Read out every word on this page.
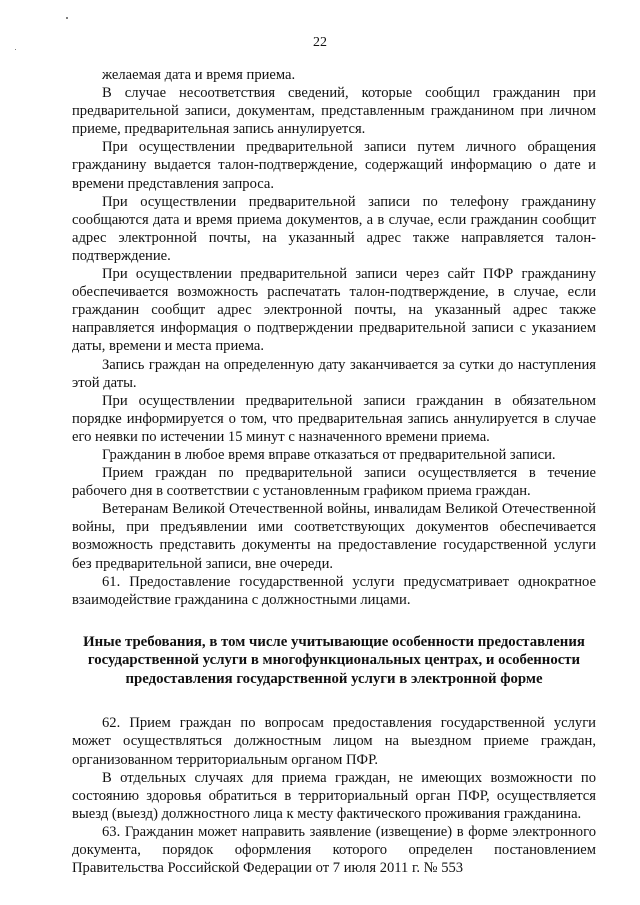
22

желаемая дата и время приема.

В случае несоответствия сведений, которые сообщил гражданин при предварительной записи, документам, представленным гражданином при личном приеме, предварительная запись аннулируется.

При осуществлении предварительной записи путем личного обращения гражданину выдается талон-подтверждение, содержащий информацию о дате и времени представления запроса.

При осуществлении предварительной записи по телефону гражданину сообщаются дата и время приема документов, а в случае, если гражданин сообщит адрес электронной почты, на указанный адрес также направляется талон-подтверждение.

При осуществлении предварительной записи через сайт ПФР гражданину обеспечивается возможность распечатать талон-подтверждение, в случае, если гражданин сообщит адрес электронной почты, на указанный адрес также направляется информация о подтверждении предварительной записи с указанием даты, времени и места приема.

Запись граждан на определенную дату заканчивается за сутки до наступления этой даты.

При осуществлении предварительной записи гражданин в обязательном порядке информируется о том, что предварительная запись аннулируется в случае его неявки по истечении 15 минут с назначенного времени приема.

Гражданин в любое время вправе отказаться от предварительной записи.

Прием граждан по предварительной записи осуществляется в течение рабочего дня в соответствии с установленным графиком приема граждан.

Ветеранам Великой Отечественной войны, инвалидам Великой Отечественной войны, при предъявлении ими соответствующих документов обеспечивается возможность представить документы на предоставление государственной услуги без предварительной записи, вне очереди.

61. Предоставление государственной услуги предусматривает однократное взаимодействие гражданина с должностными лицами.

Иные требования, в том числе учитывающие особенности предоставления государственной услуги в многофункциональных центрах, и особенности предоставления государственной услуги в электронной форме

62. Прием граждан по вопросам предоставления государственной услуги может осуществляться должностным лицом на выездном приеме граждан, организованном территориальным органом ПФР.

В отдельных случаях для приема граждан, не имеющих возможности по состоянию здоровья обратиться в территориальный орган ПФР, осуществляется выезд (выезд) должностного лица к месту фактического проживания гражданина.

63. Гражданин может направить заявление (извещение) в форме электронного документа, порядок оформления которого определен постановлением Правительства Российской Федерации от 7 июля 2011 г. № 553
